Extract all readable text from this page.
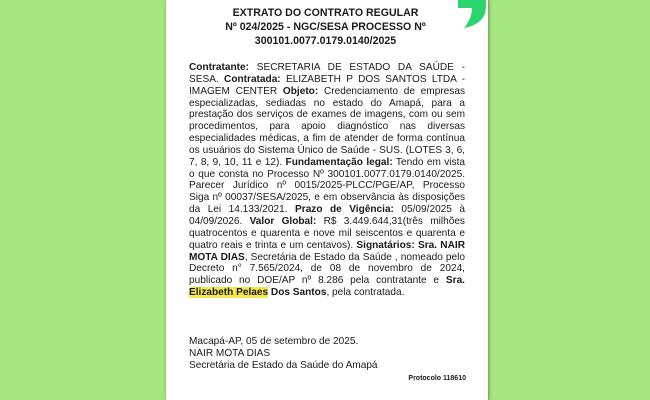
EXTRATO DO CONTRATO REGULAR
Nº 024/2025 - NGC/SESA PROCESSO Nº
300101.0077.0179.0140/2025

Contratante: SECRETARIA DE ESTADO DA SAÚDE - SESA. Contratada: ELIZABETH P DOS SANTOS LTDA - IMAGEM CENTER Objeto: Credenciamento de empresas especializadas, sediadas no estado do Amapá, para a prestação dos serviços de exames de imagens, com ou sem procedimentos, para apoio diagnóstico nas diversas especialidades médicas, a fim de atender de forma contínua os usuários do Sistema Único de Saúde - SUS. (LOTES 3, 6, 7, 8, 9, 10, 11 e 12). Fundamentação legal: Tendo em vista o que consta no Processo Nº 300101.0077.0179.0140/2025. Parecer Jurídico nº 0015/2025-PLCC/PGE/AP, Processo Siga nº 00037/SESA/2025, e em observância às disposições da Lei 14.133/2021. Prazo de Vigência: 05/09/2025 à 04/09/2026. Valor Global: R$ 3.449.644,31(três milhões quatrocentos e quarenta e nove mil seiscentos e quarenta e quatro reais e trinta e um centavos). Signatários: Sra. NAIR MOTA DIAS, Secretária de Estado da Saúde , nomeado pelo Decreto n° 7.565/2024, de 08 de novembro de 2024, publicado no DOE/AP nº 8.286 pela contratante e Sra. Elizabeth Pelaes Dos Santos, pela contratada.

Macapá-AP, 05 de setembro de 2025.
NAIR MOTA DIAS
Secretária de Estado da Saúde do Amapá
Protocolo 118610
